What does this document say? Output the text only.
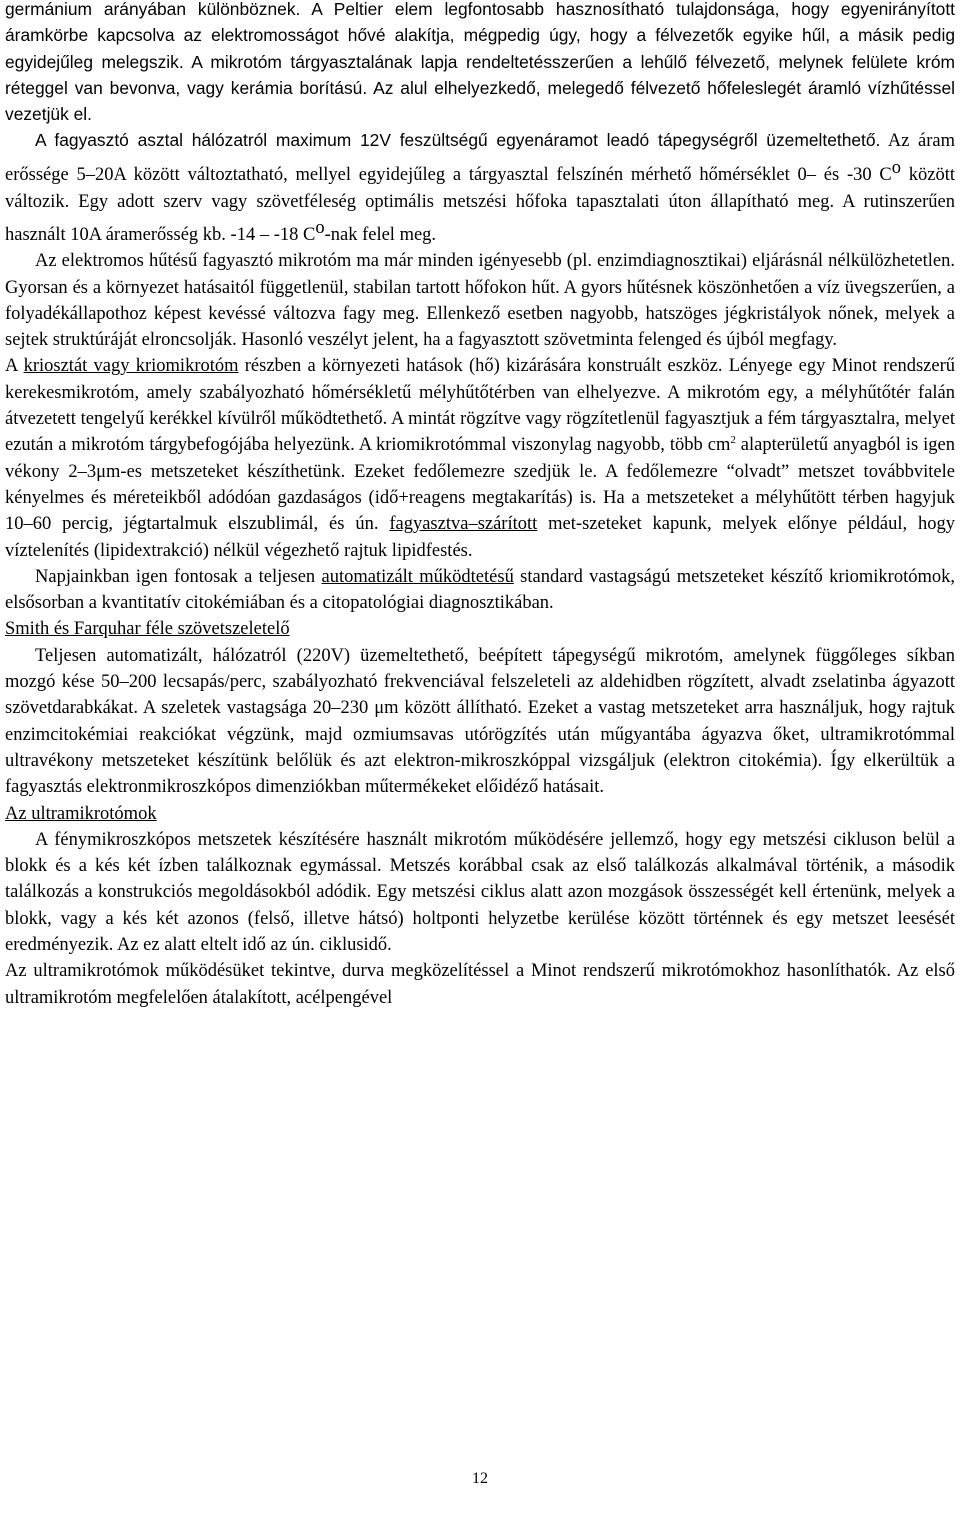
germánium arányában különböznek. A Peltier elem legfontosabb hasznosítható tulajdonsága, hogy egyenirányított áramkörbe kapcsolva az elektromosságot hővé alakítja, mégpedig úgy, hogy a félvezetők egyike hűl, a másik pedig egyidejűleg melegszik. A mikrotóm tárgyasztalának lapja rendeltetésszerűen a lehűlő félvezető, melynek felülete króm réteggel van bevonva, vagy kerámia borítású. Az alul elhelyezkedő, melegedő félvezető hőfeleslegét áramló vízhűtéssel vezetjük el.

A fagyasztó asztal hálózatról maximum 12V feszültségű egyenáramot leadó tápegységről üzemeltethető. Az áram erőssége 5–20A között változtatható, mellyel egyidejűleg a tárgyasztal felszínén mérhető hőmérséklet 0– és -30 $C^o$ között változik. Egy adott szerv vagy szövetféleség optimális metszési hőfoka tapasztalati úton állapítható meg. A rutinszerűen használt 10A áramerősség kb. -14 – -18 $C^o$-nak felel meg.

Az elektromos hűtésű fagyasztó mikrotóm ma már minden igényesebb (pl. enzimdiagnosztikai) eljárásnál nélkülözhetetlen. Gyorsan és a környezet hatásaitól függetlenül, stabilan tartott hőfokon hűt. A gyors hűtésnek köszönhetően a víz üvegszerűen, a folyadékállapothoz képest kevéssé változva fagy meg. Ellenkező esetben nagyobb, hatszöges jégkristályok nőnek, melyek a sejtek struktúráját elroncsolják. Hasonló veszélyt jelent, ha a fagyasztott szövetminta felenged és újból megfagy.

A kriosztát vagy kriomikrotóm részben a környezeti hatások (hő) kizárására konstruált eszköz. Lényege egy Minot rendszerű kerekesmikrotóm, amely szabályozható hőmérsékletű mélyhűtőtérben van elhelyezve. A mikrotóm egy, a mélyhűtőtér falán átvezetett tengelyű kerékkel kívülről működtethető. A mintát rögzítve vagy rögzítetlenül fagyasztjuk a fém tárgyasztalra, melyet ezután a mikrotóm tárgybefogójába helyezünk. A kriomikrotómmal viszonylag nagyobb, több $cm^2$ alapterületű anyagból is igen vékony 2–3μm-es metszeteket készíthetünk. Ezeket fedőlemezre szedjük le. A fedőlemezre “olvadt” metszet továbbvitele kényelmes és méreteikből adódóan gazdaságos (idő+reagens megtakarítás) is. Ha a metszeteket a mélyhűtött térben hagyjuk 10–60 percig, jégtartalmuk elszublimál, és ún. fagyasztva–szárított met-szeteket kapunk, melyek előnye például, hogy víztelenítés (lipidextrakció) nélkül végezhető rajtuk lipidfestés.

Napjainkban igen fontosak a teljesen automatizált működtetésű standard vastagságú metszeteket készítő kriomikrotómok, elsősorban a kvantitatív citokémiában és a citopatológiai diagnosztikában.

Smith és Farquhar féle szövetszeletelő

Teljesen automatizált, hálózatról (220V) üzemeltethető, beépített tápegységű mikrotóm, amelynek függőleges síkban mozgó kése 50–200 lecsapás/perc, szabályozható frekvenciával felszeleteli az aldehidben rögzített, alvadt zselatinba ágyazott szövetdarabkákat. A szeletek vastagsága 20–230 μm között állítható. Ezeket a vastag metszeteket arra használjuk, hogy rajtuk enzimcitokémiai reakciókat végzünk, majd ozmiumsavas utórögzítés után műgyantába ágyazva őket, ultramikrotómmal ultravékony metszeteket készítünk belőlük és azt elektron-mikroszkóppal vizsgáljuk (elektron citokémia). Így elkerültük a fagyasztás elektronmikroszkópos dimenziókban műtermékeket előidéző hatásait.

Az ultramikrotómok

A fénymikroszkópos metszetek készítésére használt mikrotóm működésére jellemző, hogy egy metszési cikluson belül a blokk és a kés két ízben találkoznak egymással. Metszés korábbal csak az első találkozás alkalmával történik, a második találkozás a konstrukciós megoldásokból adódik. Egy metszési ciklus alatt azon mozgások összességét kell értenünk, melyek a blokk, vagy a kés két azonos (felső, illetve hátsó) holtponti helyzetbe kerülése között történnek és egy metszet leesését eredményezik. Az ez alatt eltelt idő az ún. ciklusidő.

Az ultramikrotómok működésüket tekintve, durva megközelítéssel a Minot rendszerű mikrotómokhoz hasonlíthatók. Az első ultramikrotóm megfelelően átalakított, acélpengével

12
